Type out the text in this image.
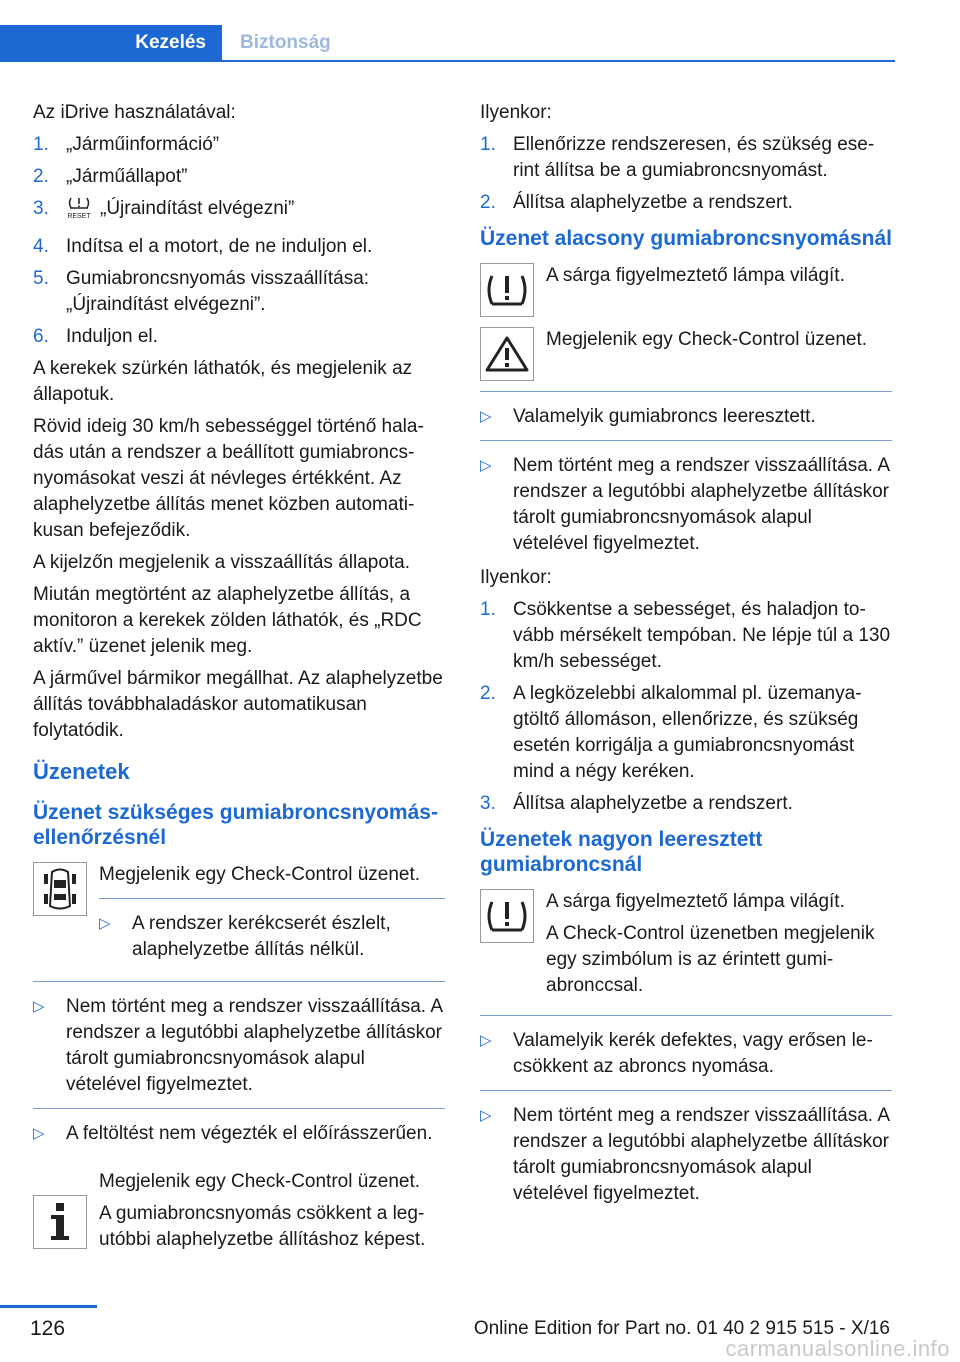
Kezelés	Biztonság

Az iDrive használatával:

1. „Járműinformáció”
2. „Járműállapot”
3.	RESET „Újraindítást elvégezni”
4. Indítsa el a motort, de ne induljon el.
5. Gumiabroncsnyomás visszaállítása: „Újraindítást elvégezni”.
6. Induljon el.

A kerekek szürkén láthatók, és megjelenik az állapotuk.

Rövid ideig 30 km/h sebességgel történő haladás után a rendszer a beállított gumiabroncsnyomásokat veszi át névleges értékként. Az alaphelyzetbe állítás menet közben automatikusan befejeződik.

A kijelzőn megjelenik a visszaállítás állapota.

Miután megtörtént az alaphelyzetbe állítás, a monitoron a kerekek zölden láthatók, és „RDC aktív.” üzenet jelenik meg.

A járművel bármikor megállhat. Az alaphelyzetbe állítás továbbhaladáskor automatikusan folytatódik.

Üzenetek
Üzenet szükséges gumiabroncsnyomás-ellenőrzésnél

Megjelenik egy Check-Control üzenet.

▷ A rendszer kerékcserét észlelt, alaphelyzetbe állítás nélkül.
▷ Nem történt meg a rendszer visszaállítása. A rendszer a legutóbbi alaphelyzetbe állításkor tárolt gumiabroncsnyomások alapul vételével figyelmeztet.
▷ A feltöltést nem végezték el előírásszerűen.

Megjelenik egy Check-Control üzenet.

A gumiabroncsnyomás csökkent a legutóbbi alaphelyzetbe állításhoz képest.

Ilyenkor:

1. Ellenőrizze rendszeresen, és szükség eserint állítsa be a gumiabroncsnyomást.
2. Állítsa alaphelyzetbe a rendszert.
Üzenet alacsony gumiabroncsnyomásnál

A sárga figyelmeztető lámpa világít.

Megjelenik egy Check-Control üzenet.

▷ Valamelyik gumiabroncs leeresztett.
▷ Nem történt meg a rendszer visszaállítása. A rendszer a legutóbbi alaphelyzetbe állításkor tárolt gumiabroncsnyomások alapul vételével figyelmeztet.

Ilyenkor:

1. Csökkentse a sebességet, és haladjon tovább mérsékelt tempóban. Ne lépje túl a 130 km/h sebességet.
2. A legközelebbi alkalommal pl. üzemanyagtöltő állomáson, ellenőrizze, és szükség esetén korrigálja a gumiabroncsnyomást mind a négy keréken.
3. Állítsa alaphelyzetbe a rendszert.
Üzenetek nagyon leeresztett gumiabroncsnál

A sárga figyelmeztető lámpa világít.

A Check-Control üzenetben megjelenik egy szimbólum is az érintett gumiabronccsal.

▷ Valamelyik kerék defektes, vagy erősen lecsökkent az abroncs nyomása.
▷ Nem történt meg a rendszer visszaállítása. A rendszer a legutóbbi alaphelyzetbe állításkor tárolt gumiabroncsnyomások alapul vételével figyelmeztet.
126	Online Edition for Part no. 01 40 2 915 515 - X/16
carmanualsonline.info
